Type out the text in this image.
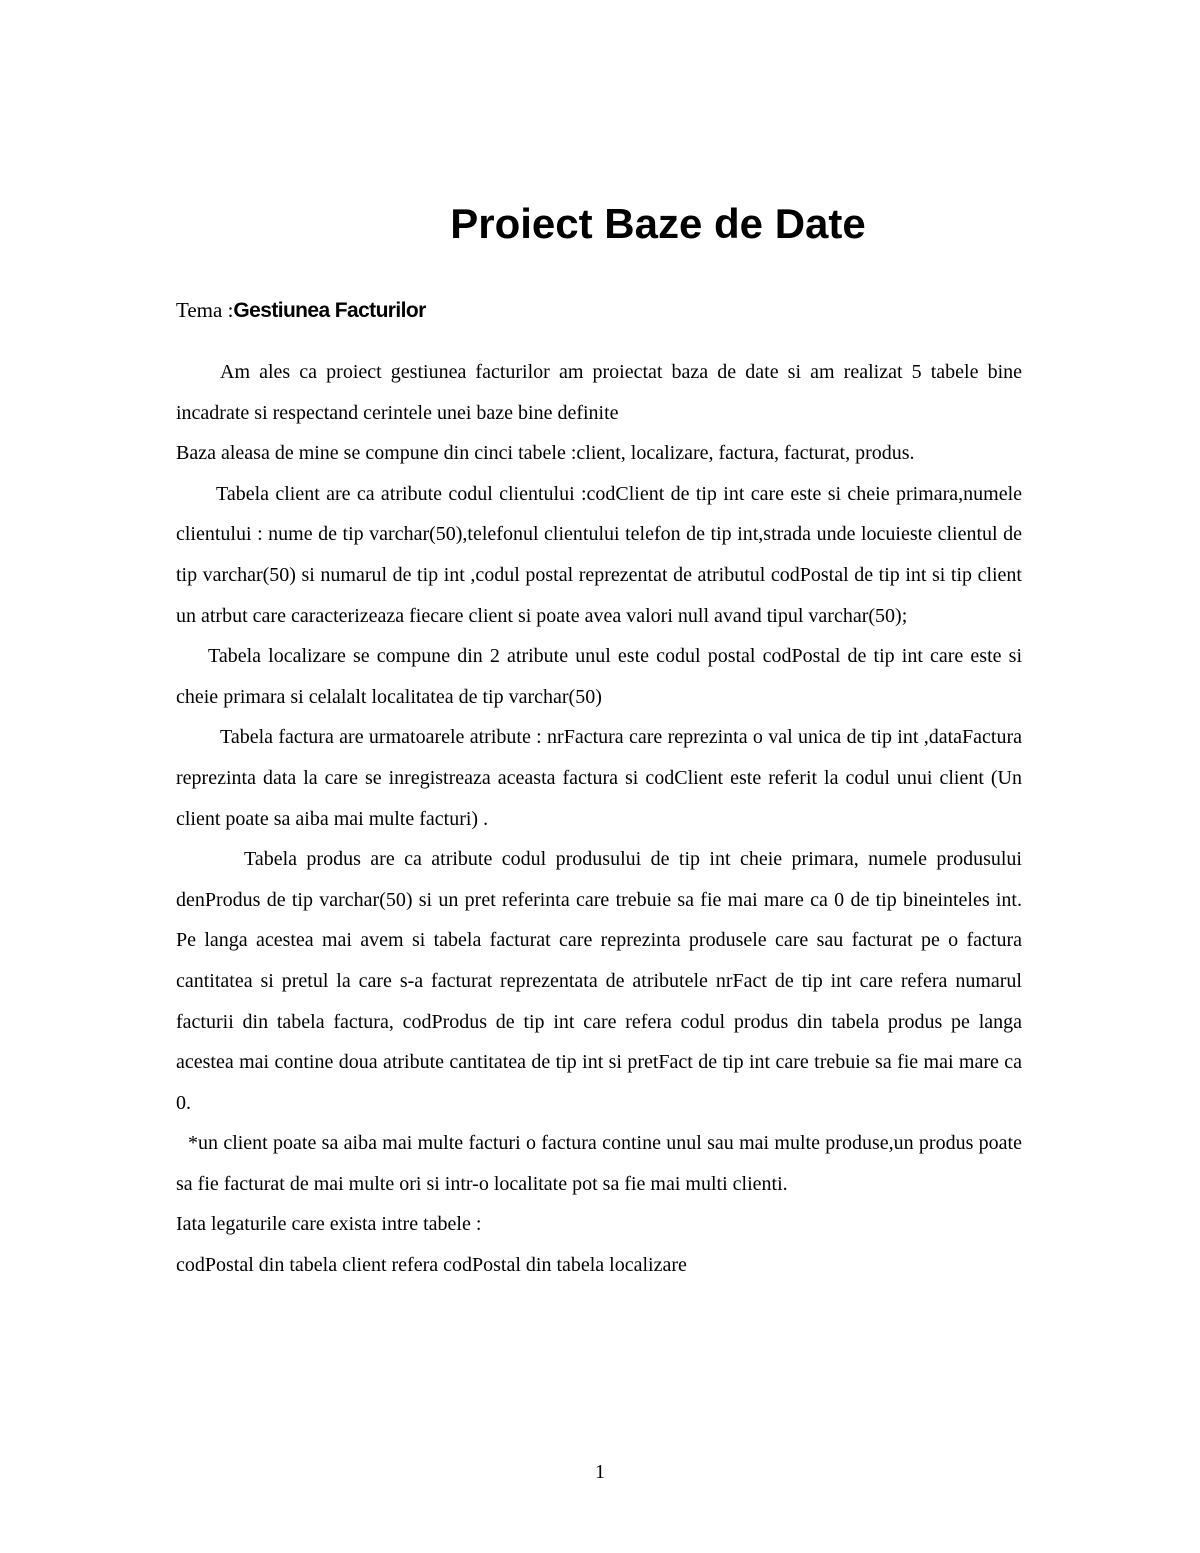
Proiect Baze de Date
Tema :Gestiunea Facturilor

Am ales ca proiect gestiunea facturilor am proiectat baza de date si am realizat 5 tabele bine incadrate si respectand cerintele unei baze bine definite

Baza aleasa de mine se compune din cinci tabele :client, localizare, factura, facturat, produs.

Tabela client are ca atribute codul clientului :codClient de tip int care este si cheie primara,numele clientului : nume de tip varchar(50),telefonul clientului telefon de tip int,strada unde locuieste clientul de tip varchar(50) si numarul de tip int ,codul postal reprezentat de atributul codPostal de tip int si tip client un atrbut care caracterizeaza fiecare client si poate avea valori null avand tipul varchar(50);

Tabela localizare se compune din 2 atribute unul este codul postal codPostal de tip int care este si cheie primara si celalalt localitatea de tip varchar(50)

Tabela factura are urmatoarele atribute : nrFactura care reprezinta o val unica de tip int ,dataFactura reprezinta data la care se inregistreaza aceasta factura si codClient este referit la codul unui client (Un client poate sa aiba mai multe facturi) .

Tabela produs are ca atribute codul produsului de tip int cheie primara, numele produsului denProdus de tip varchar(50) si un pret referinta care trebuie sa fie mai mare ca 0 de tip bineinteles int. Pe langa acestea mai avem si tabela facturat care reprezinta produsele care sau facturat pe o factura cantitatea si pretul la care s-a facturat reprezentata de atributele nrFact de tip int care refera numarul facturii din tabela factura, codProdus de tip int care refera codul produs din tabela produs pe langa acestea mai contine doua atribute cantitatea de tip int si pretFact de tip int care trebuie sa fie mai mare ca 0.

*un client poate sa aiba mai multe facturi o factura contine unul sau mai multe produse,un produs poate sa fie facturat de mai multe ori si intr-o localitate pot sa fie mai multi clienti.

Iata legaturile care exista intre tabele :

codPostal din tabela client refera codPostal din tabela localizare

1
